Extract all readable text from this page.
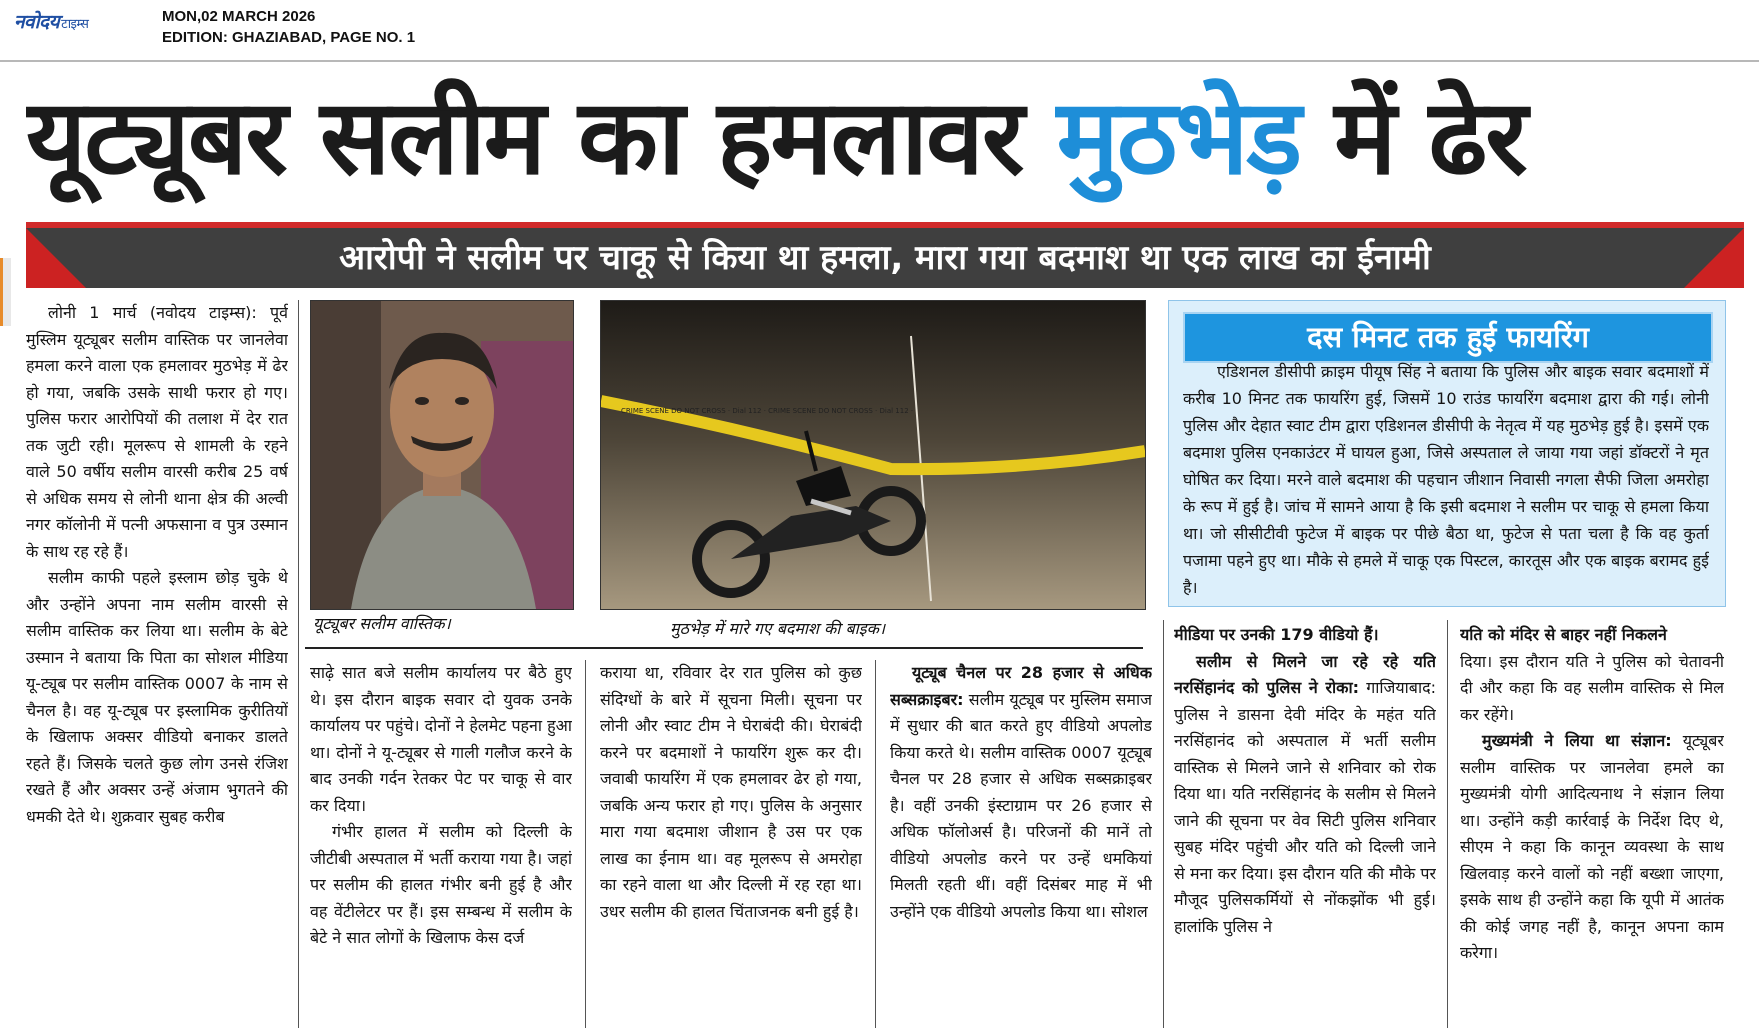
नवोदय टाइम्स	MON,02 MARCH 2026
EDITION: GHAZIABAD, PAGE NO. 1
यूट्यूबर सलीम का हमलावर मुठभेड़ में ढेर
आरोपी ने सलीम पर चाकू से किया था हमला, मारा गया बदमाश था एक लाख का ईनामी

लोनी 1 मार्च (नवोदय टाइम्स): पूर्व मुस्लिम यूट्यूबर सलीम वास्तिक पर जानलेवा हमला करने वाला एक हमलावर मुठभेड़ में ढेर हो गया, जबकि उसके साथी फरार हो गए। पुलिस फरार आरोपियों की तलाश में देर रात तक जुटी रही। मूलरूप से शामली के रहने वाले 50 वर्षीय सलीम वारसी करीब 25 वर्ष से अधिक समय से लोनी थाना क्षेत्र की अल्वी नगर कॉलोनी में पत्नी अफसाना व पुत्र उस्मान के साथ रह रहे हैं।

सलीम काफी पहले इस्लाम छोड़ चुके थे और उन्होंने अपना नाम सलीम वारसी से सलीम वास्तिक कर लिया था। सलीम के बेटे उस्मान ने बताया कि पिता का सोशल मीडिया यू-ट्यूब पर सलीम वास्तिक 0007 के नाम से चैनल है। वह यू-ट्यूब पर इस्लामिक कुरीतियों के खिलाफ अक्सर वीडियो बनाकर डालते रहते हैं। जिसके चलते कुछ लोग उनसे रंजिश रखते हैं और अक्सर उन्हें अंजाम भुगतने की धमकी देते थे। शुक्रवार सुबह करीब

यूट्यूबर सलीम वास्तिक।
CRIME SCENE DO NOT CROSS · Dial 112 · CRIME SCENE DO NOT CROSS · Dial 112 ·
मुठभेड़ में मारे गए बदमाश की बाइक।

साढ़े सात बजे सलीम कार्यालय पर बैठे हुए थे। इस दौरान बाइक सवार दो युवक उनके कार्यालय पर पहुंचे। दोनों ने हेलमेट पहना हुआ था। दोनों ने यू-ट्यूबर से गाली गलौज करने के बाद उनकी गर्दन रेतकर पेट पर चाकू से वार कर दिया।

गंभीर हालत में सलीम को दिल्ली के जीटीबी अस्पताल में भर्ती कराया गया है। जहां पर सलीम की हालत गंभीर बनी हुई है और वह वेंटीलेटर पर हैं। इस सम्बन्ध में सलीम के बेटे ने सात लोगों के खिलाफ केस दर्ज

कराया था, रविवार देर रात पुलिस को कुछ संदिग्धों के बारे में सूचना मिली। सूचना पर लोनी और स्वाट टीम ने घेराबंदी की। घेराबंदी करने पर बदमाशों ने फायरिंग शुरू कर दी। जवाबी फायरिंग में एक हमलावर ढेर हो गया, जबकि अन्य फरार हो गए। पुलिस के अनुसार मारा गया बदमाश जीशान है उस पर एक लाख का ईनाम था। वह मूलरूप से अमरोहा का रहने वाला था और दिल्ली में रह रहा था। उधर सलीम की हालत चिंताजनक बनी हुई है।

यूट्यूब चैनल पर 28 हजार से अधिक सब्सक्राइबर: सलीम यूट्यूब पर मुस्लिम समाज में सुधार की बात करते हुए वीडियो अपलोड किया करते थे। सलीम वास्तिक 0007 यूट्यूब चैनल पर 28 हजार से अधिक सब्सक्राइबर है। वहीं उनकी इंस्टाग्राम पर 26 हजार से अधिक फॉलोअर्स है। परिजनों की मानें तो वीडियो अपलोड करने पर उन्हें धमकियां मिलती रहती थीं। वहीं दिसंबर माह में भी उन्होंने एक वीडियो अपलोड किया था। सोशल

दस मिनट तक हुई फायरिंग

एडिशनल डीसीपी क्राइम पीयूष सिंह ने बताया कि पुलिस और बाइक सवार बदमाशों में करीब 10 मिनट तक फायरिंग हुई, जिसमें 10 राउंड फायरिंग बदमाश द्वारा की गई। लोनी पुलिस और देहात स्वाट टीम द्वारा एडिशनल डीसीपी के नेतृत्व में यह मुठभेड़ हुई है। इसमें एक बदमाश पुलिस एनकाउंटर में घायल हुआ, जिसे अस्पताल ले जाया गया जहां डॉक्टरों ने मृत घोषित कर दिया। मरने वाले बदमाश की पहचान जीशान निवासी नगला सैफी जिला अमरोहा के रूप में हुई है। जांच में सामने आया है कि इसी बदमाश ने सलीम पर चाकू से हमला किया था। जो सीसीटीवी फुटेज में बाइक पर पीछे बैठा था, फुटेज से पता चला है कि वह कुर्ता पजामा पहने हुए था। मौके से हमले में चाकू एक पिस्टल, कारतूस और एक बाइक बरामद हुई है।

मीडिया पर उनकी 179 वीडियो हैं।

सलीम से मिलने जा रहे रहे यति नरसिंहानंद को पुलिस ने रोका: गाजियाबाद: पुलिस ने डासना देवी मंदिर के महंत यति नरसिंहानंद को अस्पताल में भर्ती सलीम वास्तिक से मिलने जाने से शनिवार को रोक दिया था। यति नरसिंहानंद के सलीम से मिलने जाने की सूचना पर वेव सिटी पुलिस शनिवार सुबह मंदिर पहुंची और यति को दिल्ली जाने से मना कर दिया। इस दौरान यति की मौके पर मौजूद पुलिसकर्मियों से नोंकझोंक भी हुई। हालांकि पुलिस ने

यति को मंदिर से बाहर नहीं निकलने

दिया। इस दौरान यति ने पुलिस को चेतावनी दी और कहा कि वह सलीम वास्तिक से मिल कर रहेंगे।

मुख्यमंत्री ने लिया था संज्ञान: यूट्यूबर सलीम वास्तिक पर जानलेवा हमले का मुख्यमंत्री योगी आदित्यनाथ ने संज्ञान लिया था। उन्होंने कड़ी कार्रवाई के निर्देश दिए थे, सीएम ने कहा कि कानून व्यवस्था के साथ खिलवाड़ करने वालों को नहीं बख्शा जाएगा, इसके साथ ही उन्होंने कहा कि यूपी में आतंक की कोई जगह नहीं है, कानून अपना काम करेगा।
